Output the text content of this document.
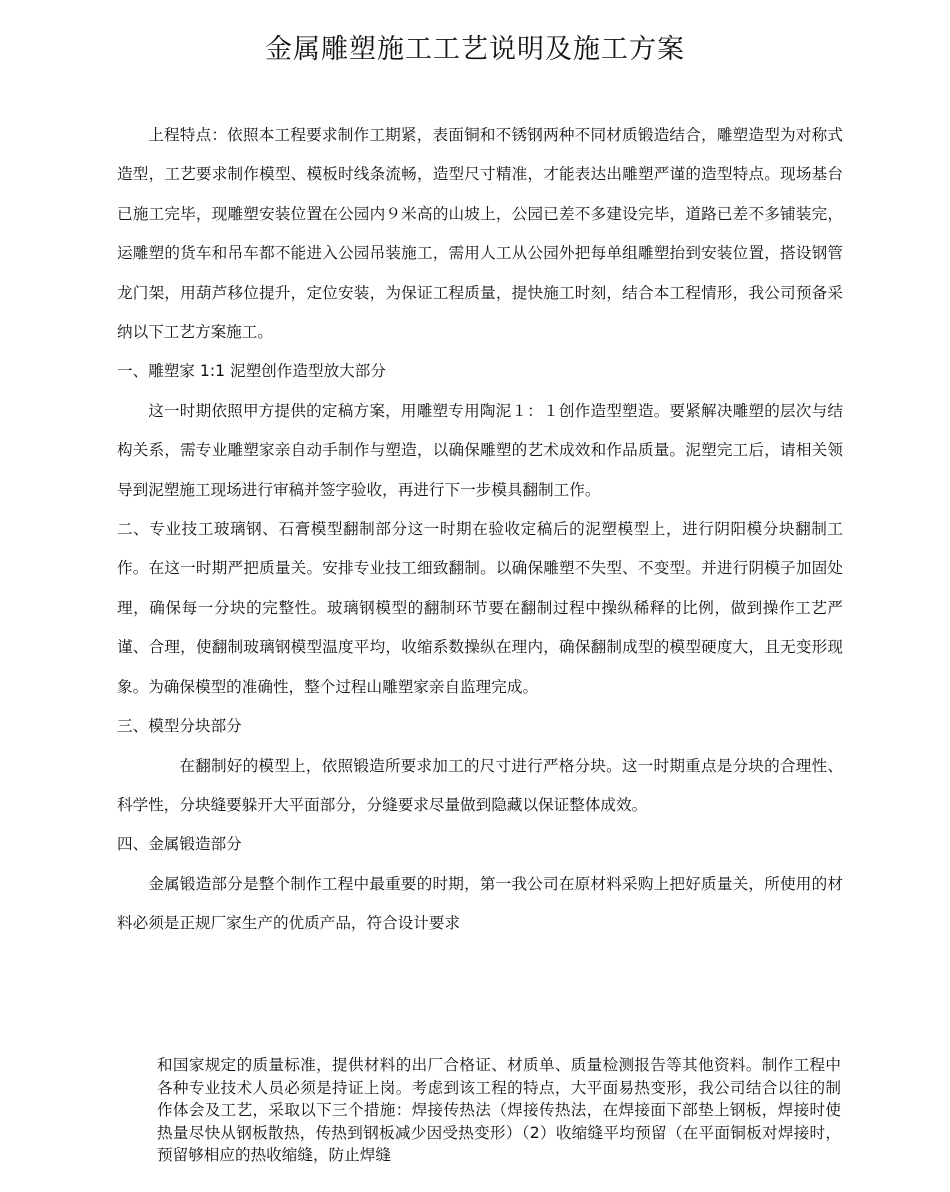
金属雕塑施工工艺说明及施工方案

上程特点：依照本工程要求制作工期紧，表面铜和不锈钢两种不同材质锻造结合，雕塑造型为对称式造型，工艺要求制作模型、模板时线条流畅，造型尺寸精准，才能表达出雕塑严谨的造型特点。现场基台已施工完毕，现雕塑安装位置在公园内９米高的山坡上，公园已差不多建设完毕，道路已差不多铺装完，运雕塑的货车和吊车都不能进入公园吊装施工，需用人工从公园外把每单组雕塑抬到安装位置，搭设钢管龙门架，用葫芦移位提升，定位安装，为保证工程质量，提快施工时刻，结合本工程情形，我公司预备采纳以下工艺方案施工。

一、雕塑家 1:1 泥塑创作造型放大部分

这一时期依照甲方提供的定稿方案，用雕塑专用陶泥１：１创作造型塑造。要紧解决雕塑的层次与结构关系，需专业雕塑家亲自动手制作与塑造，以确保雕塑的艺术成效和作品质量。泥塑完工后，请相关领导到泥塑施工现场进行审稿并签字验收，再进行下一步模具翻制工作。

二、专业技工玻璃钢、石膏模型翻制部分这一时期在验收定稿后的泥塑模型上，进行阴阳模分块翻制工作。在这一时期严把质量关。安排专业技工细致翻制。以确保雕塑不失型、不变型。并进行阴模子加固处理，确保每一分块的完整性。玻璃钢模型的翻制环节要在翻制过程中操纵稀释的比例，做到操作工艺严谨、合理，使翻制玻璃钢模型温度平均，收缩系数操纵在理内，确保翻制成型的模型硬度大，且无变形现象。为确保模型的准确性，整个过程山雕塑家亲自监理完成。

三、模型分块部分

在翻制好的模型上，依照锻造所要求加工的尺寸进行严格分块。这一时期重点是分块的合理性、科学性，分块缝要躲开大平面部分，分缝要求尽量做到隐藏以保证整体成效。

四、金属锻造部分

金属锻造部分是整个制作工程中最重要的时期，第一我公司在原材料采购上把好质量关，所使用的材料必须是正规厂家生产的优质产品，符合设计要求

和国家规定的质量标准，提供材料的出厂合格证、材质单、质量检测报告等其他资料。制作工程中各种专业技术人员必须是持证上岗。考虑到该工程的特点，大平面易热变形，我公司结合以往的制作体会及工艺，采取以下三个措施：焊接传热法（焊接传热法，在焊接面下部垫上钢板，焊接时使热量尽快从钢板散热，传热到钢板减少因受热变形）（2）收缩缝平均预留（在平面铜板对焊接时，预留够相应的热收缩缝，防止焊缝
